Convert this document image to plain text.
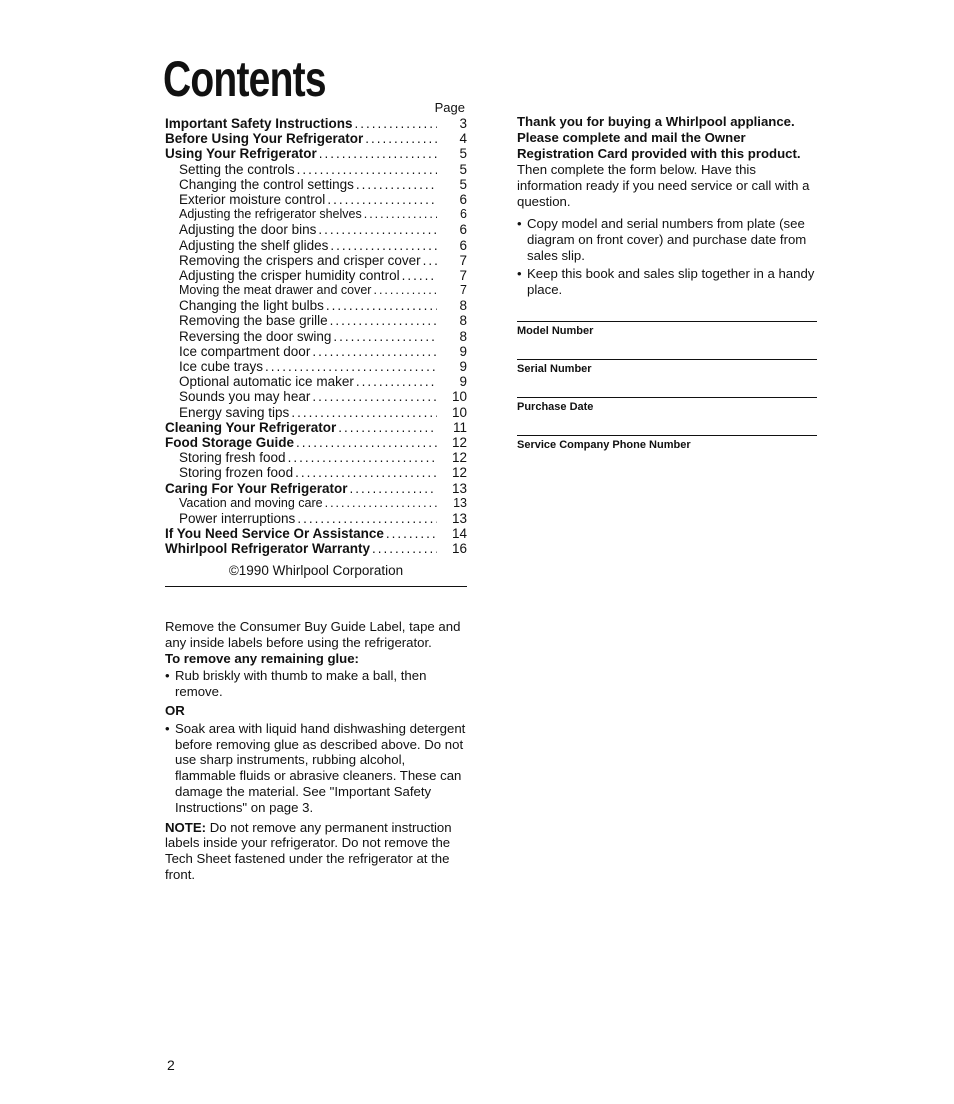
Contents
Page
Important Safety Instructions .....	3
Before Using Your Refrigerator .....	4
Using Your Refrigerator .....	5
Setting the controls .....	5
Changing the control settings .....	5
Exterior moisture control .....	6
Adjusting the refrigerator shelves .....	6
Adjusting the door bins .....	6
Adjusting the shelf glides .....	6
Removing the crispers and crisper cover .....	7
Adjusting the crisper humidity control .....	7
Moving the meat drawer and cover .....	7
Changing the light bulbs .....	8
Removing the base grille .....	8
Reversing the door swing .....	8
Ice compartment door .....	9
Ice cube trays .....	9
Optional automatic ice maker .....	9
Sounds you may hear .....	10
Energy saving tips .....	10
Cleaning Your Refrigerator .....	11
Food Storage Guide .....	12
Storing fresh food .....	12
Storing frozen food .....	12
Caring For Your Refrigerator .....	13
Vacation and moving care .....	13
Power interruptions .....	13
If You Need Service Or Assistance .....	14
Whirlpool Refrigerator Warranty .....	16
©1990 Whirlpool Corporation

Thank you for buying a Whirlpool appliance. Please complete and mail the Owner Registration Card provided with this product.

Then complete the form below. Have this information ready if you need service or call with a question.

• Copy model and serial numbers from plate (see diagram on front cover) and purchase date from sales slip.
• Keep this book and sales slip together in a handy place.
Model Number
Serial Number
Purchase Date
Service Company Phone Number

Remove the Consumer Buy Guide Label, tape and any inside labels before using the refrigerator.

To remove any remaining glue:

• Rub briskly with thumb to make a ball, then remove.

OR

• Soak area with liquid hand dishwashing detergent before removing glue as described above. Do not use sharp instruments, rubbing alcohol, flammable fluids or abrasive cleaners. These can damage the material. See "Important Safety Instructions" on page 3.

NOTE: Do not remove any permanent instruction labels inside your refrigerator. Do not remove the Tech Sheet fastened under the refrigerator at the front.

2
